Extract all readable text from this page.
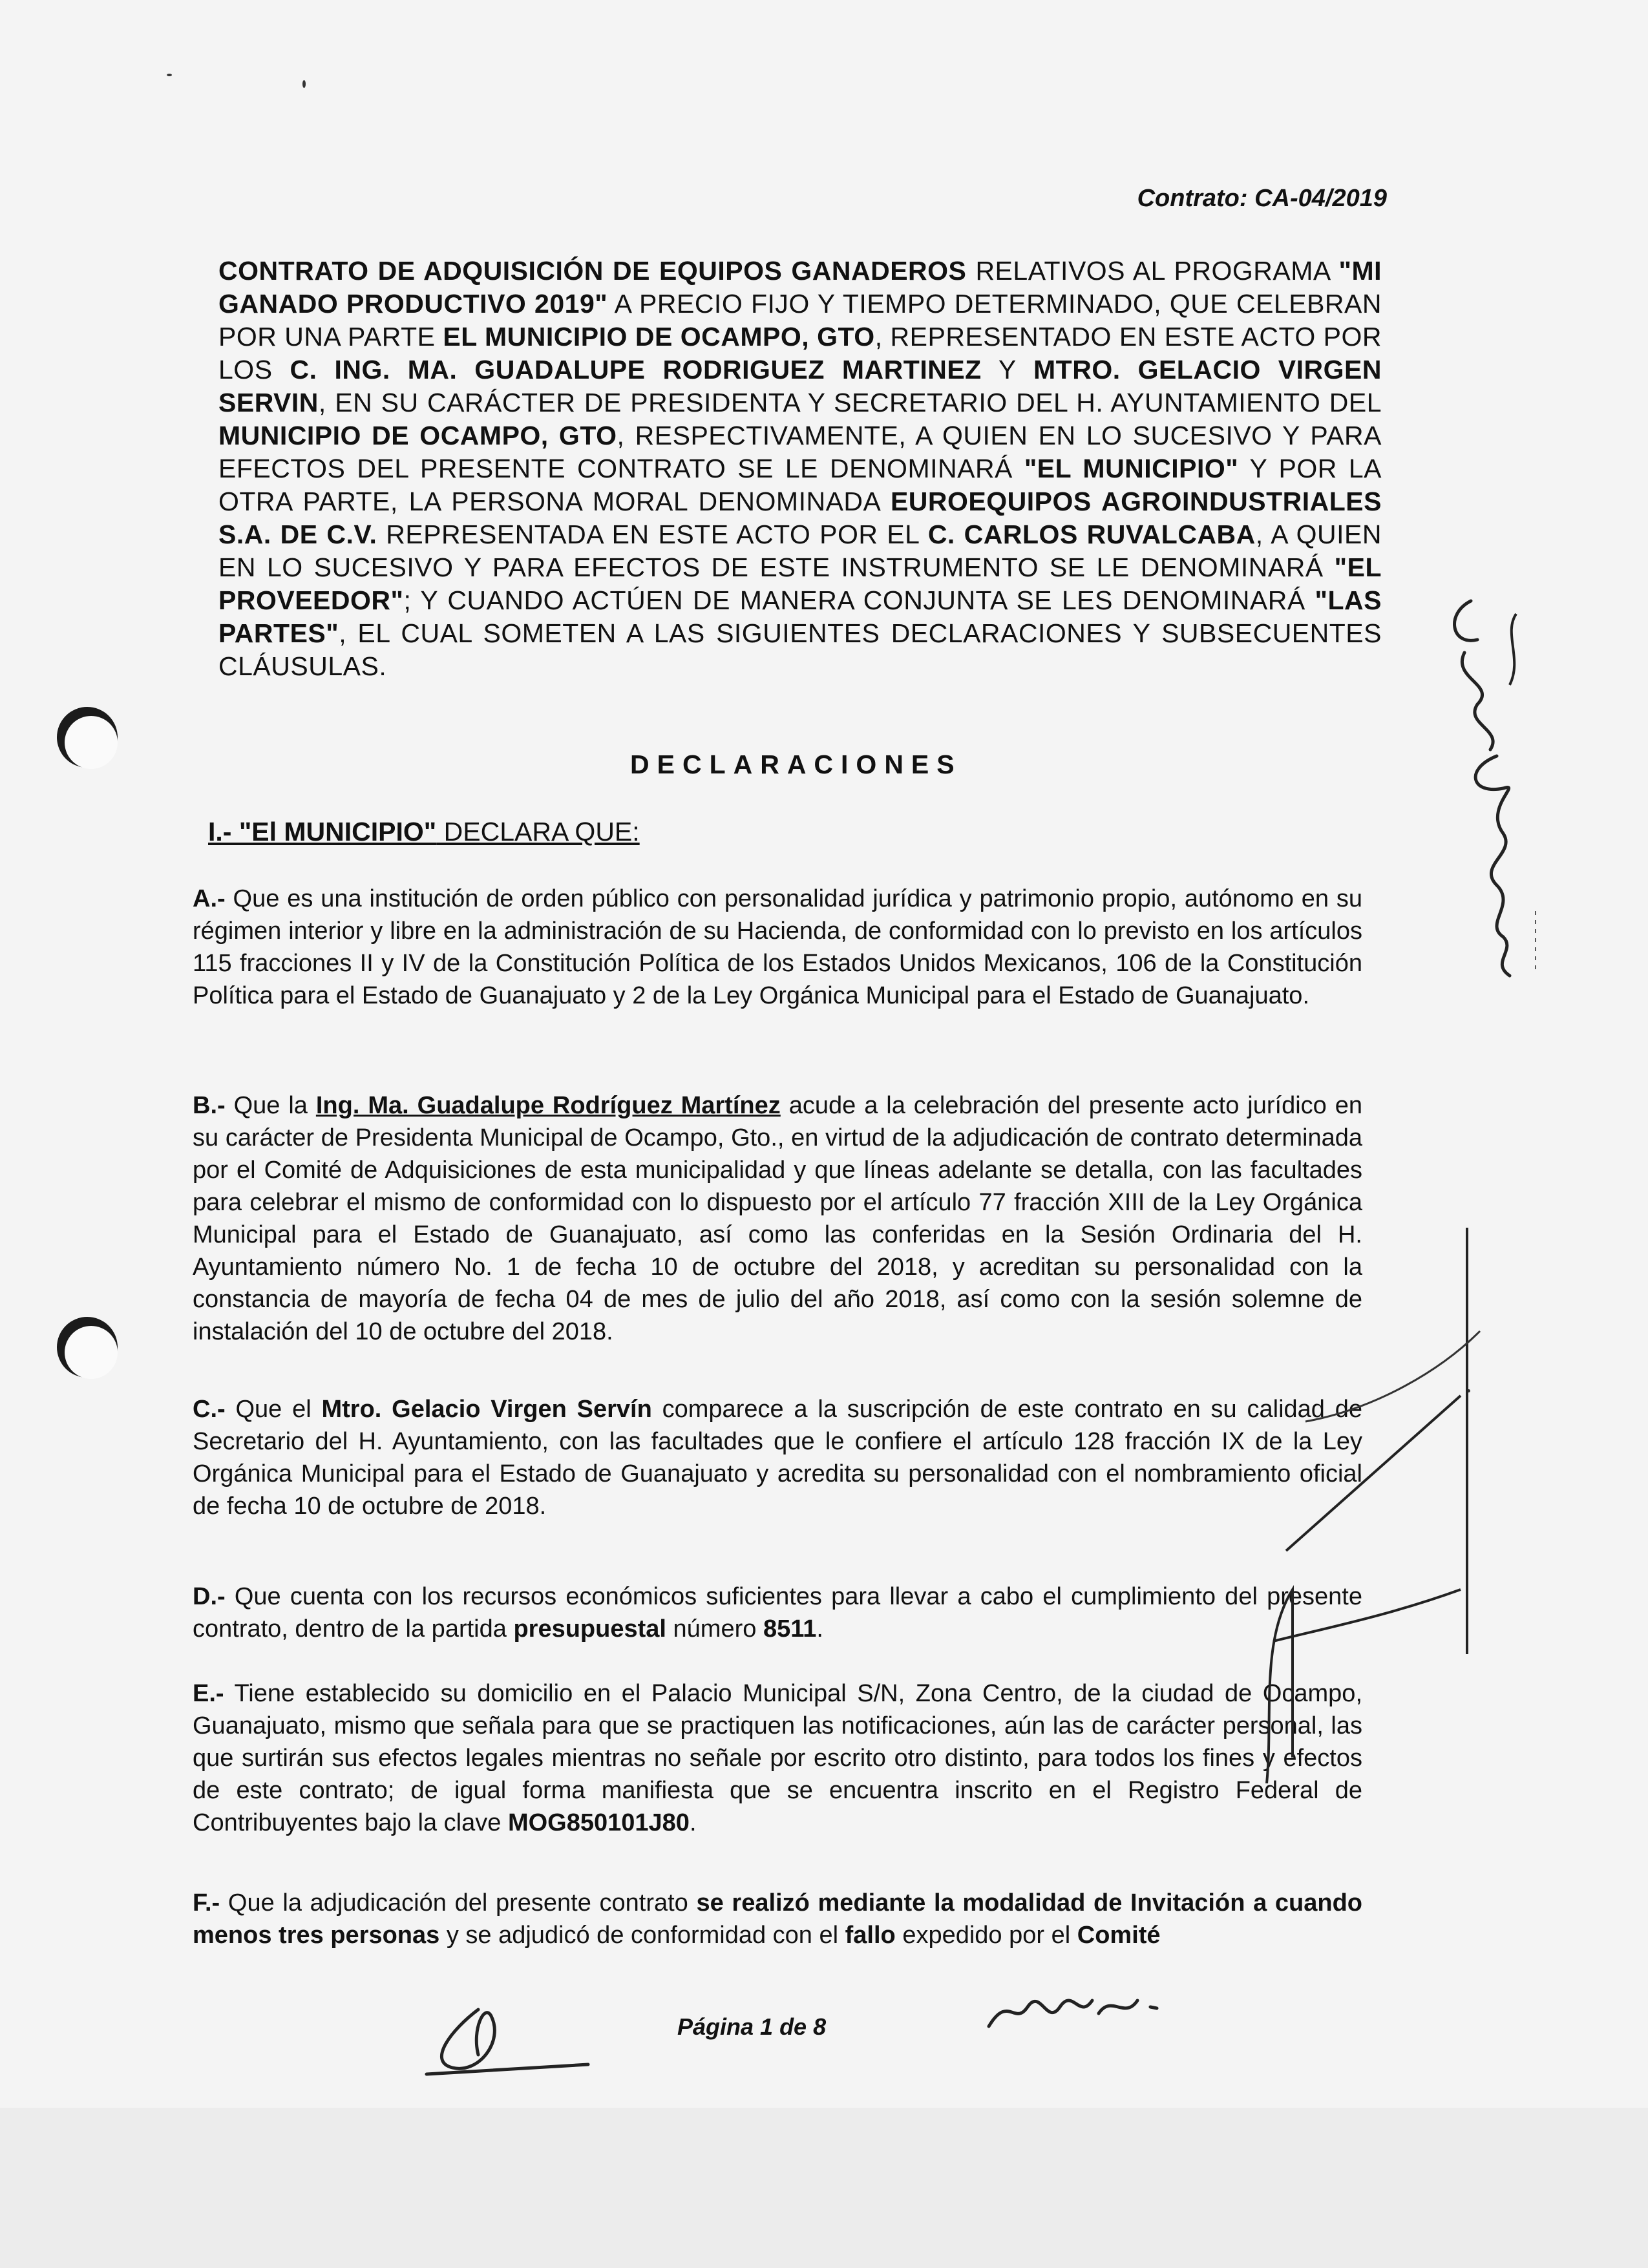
Contrato: CA-04/2019
CONTRATO DE ADQUISICIÓN DE EQUIPOS GANADEROS RELATIVOS AL PROGRAMA "MI GANADO PRODUCTIVO 2019" A PRECIO FIJO Y TIEMPO DETERMINADO, QUE CELEBRAN POR UNA PARTE EL MUNICIPIO DE OCAMPO, GTO, REPRESENTADO EN ESTE ACTO POR LOS C. ING. MA. GUADALUPE RODRIGUEZ MARTINEZ Y MTRO. GELACIO VIRGEN SERVIN, EN SU CARÁCTER DE PRESIDENTA Y SECRETARIO DEL H. AYUNTAMIENTO DEL MUNICIPIO DE OCAMPO, GTO, RESPECTIVAMENTE, A QUIEN EN LO SUCESIVO Y PARA EFECTOS DEL PRESENTE CONTRATO SE LE DENOMINARÁ "EL MUNICIPIO" Y POR LA OTRA PARTE, LA PERSONA MORAL DENOMINADA EUROEQUIPOS AGROINDUSTRIALES S.A. DE C.V. REPRESENTADA EN ESTE ACTO POR EL C. CARLOS RUVALCABA, A QUIEN EN LO SUCESIVO Y PARA EFECTOS DE ESTE INSTRUMENTO SE LE DENOMINARÁ "EL PROVEEDOR"; Y CUANDO ACTÚEN DE MANERA CONJUNTA SE LES DENOMINARÁ "LAS PARTES", EL CUAL SOMETEN A LAS SIGUIENTES DECLARACIONES Y SUBSECUENTES CLÁUSULAS.
DECLARACIONES
I.- "El MUNICIPIO" DECLARA QUE:
A.- Que es una institución de orden público con personalidad jurídica y patrimonio propio, autónomo en su régimen interior y libre en la administración de su Hacienda, de conformidad con lo previsto en los artículos 115 fracciones II y IV de la Constitución Política de los Estados Unidos Mexicanos, 106 de la Constitución Política para el Estado de Guanajuato y 2 de la Ley Orgánica Municipal para el Estado de Guanajuato.
B.- Que la Ing. Ma. Guadalupe Rodríguez Martínez acude a la celebración del presente acto jurídico en su carácter de Presidenta Municipal de Ocampo, Gto., en virtud de la adjudicación de contrato determinada por el Comité de Adquisiciones de esta municipalidad y que líneas adelante se detalla, con las facultades para celebrar el mismo de conformidad con lo dispuesto por el artículo 77 fracción XIII de la Ley Orgánica Municipal para el Estado de Guanajuato, así como las conferidas en la Sesión Ordinaria del H. Ayuntamiento número No. 1 de fecha 10 de octubre del 2018, y acreditan su personalidad con la constancia de mayoría de fecha 04 de mes de julio del año 2018, así como con la sesión solemne de instalación del 10 de octubre del 2018.
C.- Que el Mtro. Gelacio Virgen Servín comparece a la suscripción de este contrato en su calidad de Secretario del H. Ayuntamiento, con las facultades que le confiere el artículo 128 fracción IX de la Ley Orgánica Municipal para el Estado de Guanajuato y acredita su personalidad con el nombramiento oficial de fecha 10 de octubre de 2018.
D.- Que cuenta con los recursos económicos suficientes para llevar a cabo el cumplimiento del presente contrato, dentro de la partida presupuestal número 8511.
E.- Tiene establecido su domicilio en el Palacio Municipal S/N, Zona Centro, de la ciudad de Ocampo, Guanajuato, mismo que señala para que se practiquen las notificaciones, aún las de carácter personal, las que surtirán sus efectos legales mientras no señale por escrito otro distinto, para todos los fines y efectos de este contrato; de igual forma manifiesta que se encuentra inscrito en el Registro Federal de Contribuyentes bajo la clave MOG850101J80.
F.- Que la adjudicación del presente contrato se realizó mediante la modalidad de Invitación a cuando menos tres personas y se adjudicó de conformidad con el fallo expedido por el Comité
Página 1 de 8
